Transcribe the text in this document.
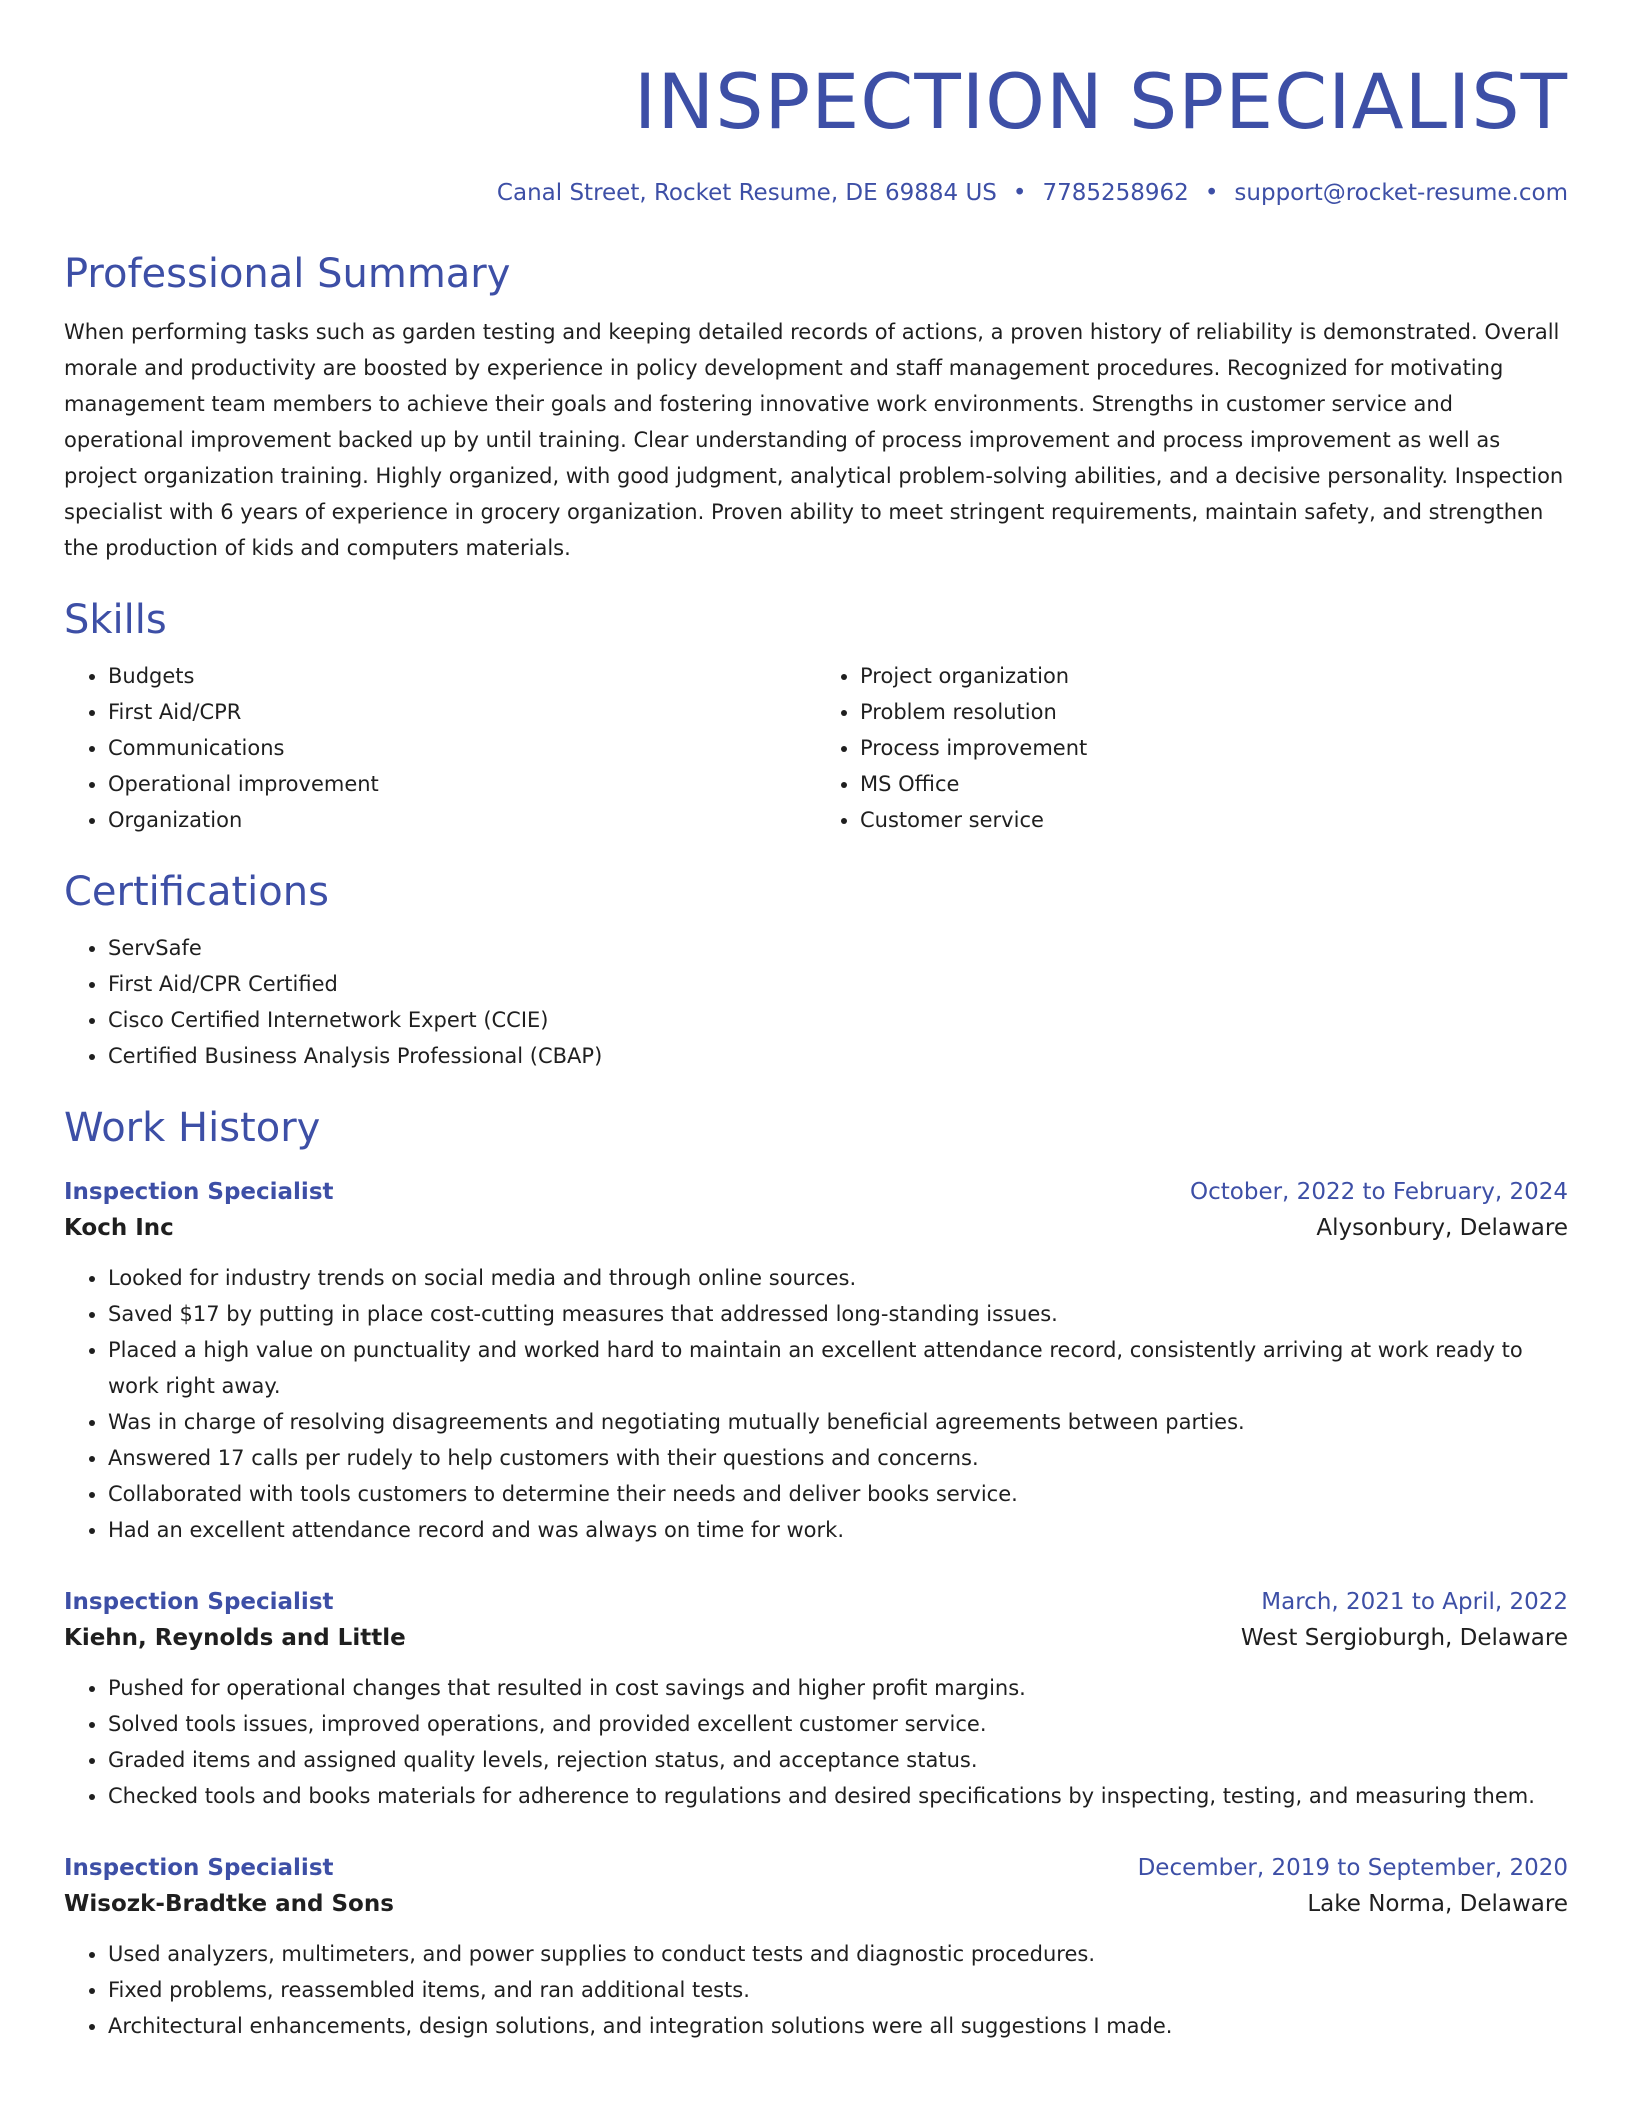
INSPECTION SPECIALIST
Canal Street, Rocket Resume, DE 69884 US • 7785258962 • support@rocket-resume.com
Professional Summary
When performing tasks such as garden testing and keeping detailed records of actions, a proven history of reliability is demonstrated. Overall morale and productivity are boosted by experience in policy development and staff management procedures. Recognized for motivating management team members to achieve their goals and fostering innovative work environments. Strengths in customer service and operational improvement backed up by until training. Clear understanding of process improvement and process improvement as well as project organization training. Highly organized, with good judgment, analytical problem-solving abilities, and a decisive personality. Inspection specialist with 6 years of experience in grocery organization. Proven ability to meet stringent requirements, maintain safety, and strengthen the production of kids and computers materials.
Skills
• Budgets
• First Aid/CPR
• Communications
• Operational improvement
• Organization
• Project organization
• Problem resolution
• Process improvement
• MS Office
• Customer service
Certifications
• ServSafe
• First Aid/CPR Certified
• Cisco Certified Internetwork Expert (CCIE)
• Certified Business Analysis Professional (CBAP)
Work History
Inspection Specialist	October, 2022 to February, 2024
Koch Inc	Alysonbury, Delaware
• Looked for industry trends on social media and through online sources.
• Saved $17 by putting in place cost-cutting measures that addressed long-standing issues.
• Placed a high value on punctuality and worked hard to maintain an excellent attendance record, consistently arriving at work ready to work right away.
• Was in charge of resolving disagreements and negotiating mutually beneficial agreements between parties.
• Answered 17 calls per rudely to help customers with their questions and concerns.
• Collaborated with tools customers to determine their needs and deliver books service.
• Had an excellent attendance record and was always on time for work.
Inspection Specialist	March, 2021 to April, 2022
Kiehn, Reynolds and Little	West Sergioburgh, Delaware
• Pushed for operational changes that resulted in cost savings and higher profit margins.
• Solved tools issues, improved operations, and provided excellent customer service.
• Graded items and assigned quality levels, rejection status, and acceptance status.
• Checked tools and books materials for adherence to regulations and desired specifications by inspecting, testing, and measuring them.
Inspection Specialist	December, 2019 to September, 2020
Wisozk-Bradtke and Sons	Lake Norma, Delaware
• Used analyzers, multimeters, and power supplies to conduct tests and diagnostic procedures.
• Fixed problems, reassembled items, and ran additional tests.
• Architectural enhancements, design solutions, and integration solutions were all suggestions I made.
